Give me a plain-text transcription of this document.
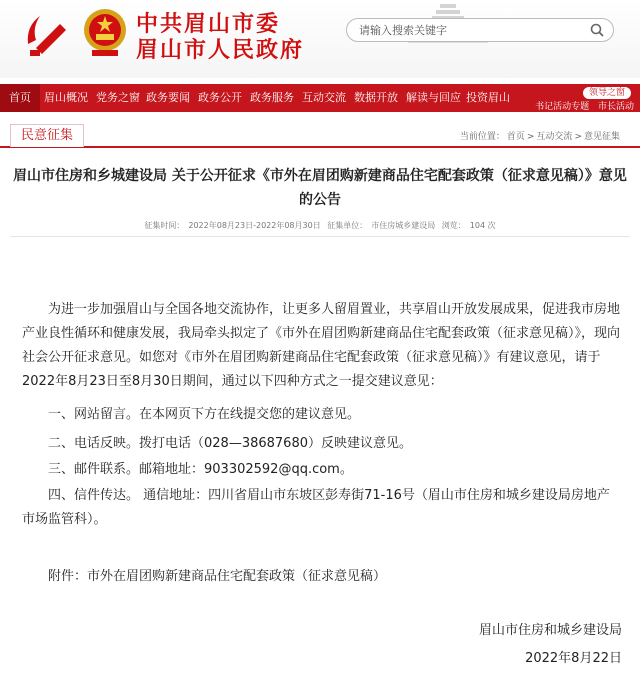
中共眉山市委
眉山市人民政府
请输入搜索关键字
首页	眉山概况 党务之窗 政务要闻 政务公开 政务服务 互动交流 数据开放 解读与回应 投资眉山	领导之窗
书记活动专题 市长活动
民意征集	当前位置： 首页 > 互动交流 > 意见征集
眉山市住房和乡城建设局 关于公开征求《市外在眉团购新建商品住宅配套政策（征求意见稿）》意见的公告
征集时间： 2022年08月23日-2022年08月30日 征集单位： 市住房城乡建设局 浏览： 104 次
为进一步加强眉山与全国各地交流协作，让更多人留眉置业，共享眉山开放发展成果，促进我市房地产业良性循环和健康发展，我局牵头拟定了《市外在眉团购新建商品住宅配套政策（征求意见稿）》，现向社会公开征求意见。如您对《市外在眉团购新建商品住宅配套政策（征求意见稿）》有建议意见，请于2022年8月23日至8月30日期间，通过以下四种方式之一提交建议意见：
一、网站留言。在本网页下方在线提交您的建议意见。
二、电话反映。拨打电话（028—38687680）反映建议意见。
三、邮件联系。邮箱地址：903302592@qq.com。
四、信件传达。 通信地址：四川省眉山市东坡区彭寿街71-16号（眉山市住房和城乡建设局房地产市场监管科）。
附件：市外在眉团购新建商品住宅配套政策（征求意见稿）
眉山市住房和城乡建设局
2022年8月22日
